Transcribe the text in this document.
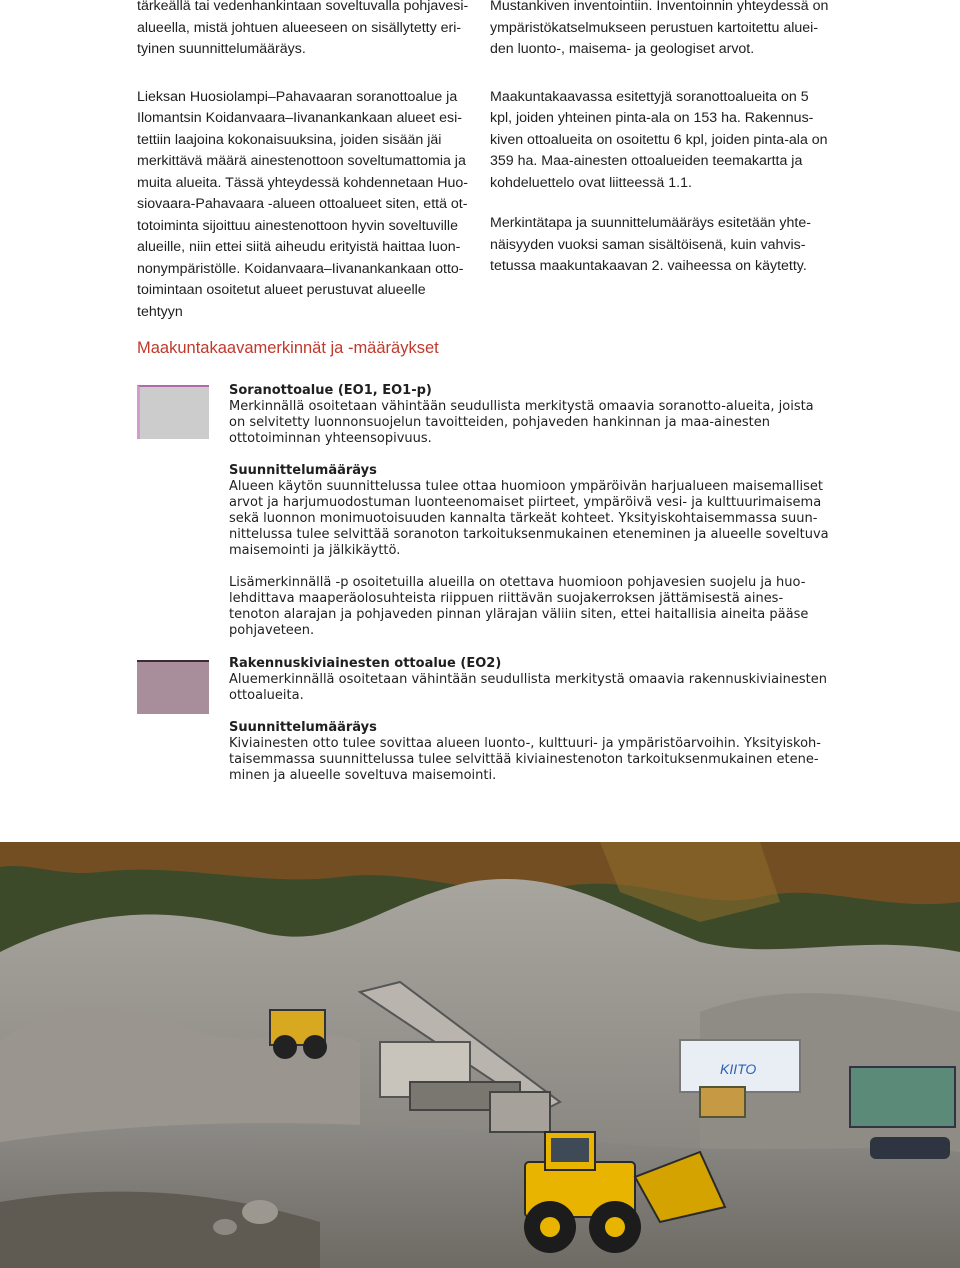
tärkeällä tai vedenhankintaan soveltuvalla pohjavesi-alueella, mistä johtuen alueeseen on sisällytetty eri-tyinen suunnittelumääräys.

Lieksan Huosiolampi–Pahavaaran soranottoalue ja Ilomantsin Koidanvaara–Iivanankankaan alueet esi-tettiin laajoina kokonaisuuksina, joiden sisään jäi merkittävä määrä ainestenottoon soveltumattomia ja muita alueita. Tässä yhteydessä kohdennetaan Huo-siovaara-Pahavaara -alueen ottoalueet siten, että ot-totoiminta sijoittuu ainestenottoon hyvin soveltuville alueille, niin ettei siitä aiheudu erityistä haittaa luon-nonympäristölle. Koidanvaara–Iivanankankaan otto-toimintaan osoitetut alueet perustuvat alueelle tehtyyn

Mustankiven inventointiin. Inventoinnin yhteydessä on ympäristökatselmukseen perustuen kartoitettu aluei-den luonto-, maisema- ja geologiset arvot.

Maakuntakaavassa esitettyjä soranottoalueita on 5 kpl, joiden yhteinen pinta-ala on 153 ha. Rakennus-kiven ottoalueita on osoitettu 6 kpl, joiden pinta-ala on 359 ha. Maa-ainesten ottoalueiden teemakartta ja kohdeluettelo ovat liitteessä 1.1.

Merkintätapa ja suunnittelumääräys esitetään yhte-näisyyden vuoksi saman sisältöisenä, kuin vahvis-tetussa maakuntakaavan 2. vaiheessa on käytetty.

Maakuntakaavamerkinnät ja -määräykset
Soranottoalue (EO1, EO1-p)

Merkinnällä osoitetaan vähintään seudullista merkitystä omaavia soranotto-alueita, joista on selvitetty luonnonsuojelun tavoitteiden, pohjaveden hankinnan ja maa-ainesten ottotoiminnan yhteensopivuus.

Suunnittelumääräys

Alueen käytön suunnittelussa tulee ottaa huomioon ympäröivän harjualueen maisemalliset arvot ja harjumuodostuman luonteenomaiset piirteet, ympäröivä vesi- ja kulttuurimaisema sekä luonnon monimuotoisuuden kannalta tärkeät kohteet. Yksityiskohtaisemmassa suun-nittelussa tulee selvittää soranoton tarkoituksenmukainen eteneminen ja alueelle soveltuva maisemointi ja jälkikäyttö.

Lisämerkinnällä -p osoitetuilla alueilla on otettava huomioon pohjavesien suojelu ja huo-lehdittava maaperäolosuhteista riippuen riittävän suojakerroksen jättämisestä aines-tenoton alarajan ja pohjaveden pinnan ylärajan väliin siten, ettei haitallisia aineita pääse pohjaveteen.

Rakennuskiviainesten ottoalue (EO2)

Aluemerkinnällä osoitetaan vähintään seudullista merkitystä omaavia rakennuskiviainesten ottoalueita.

Suunnittelumääräys

Kiviainesten otto tulee sovittaa alueen luonto-, kulttuuri- ja ympäristöarvoihin. Yksityiskoh-taisemmassa suunnittelussa tulee selvittää kiviainestenoton tarkoituksenmukainen etene-minen ja alueelle soveltuva maisemointi.

KIITO
